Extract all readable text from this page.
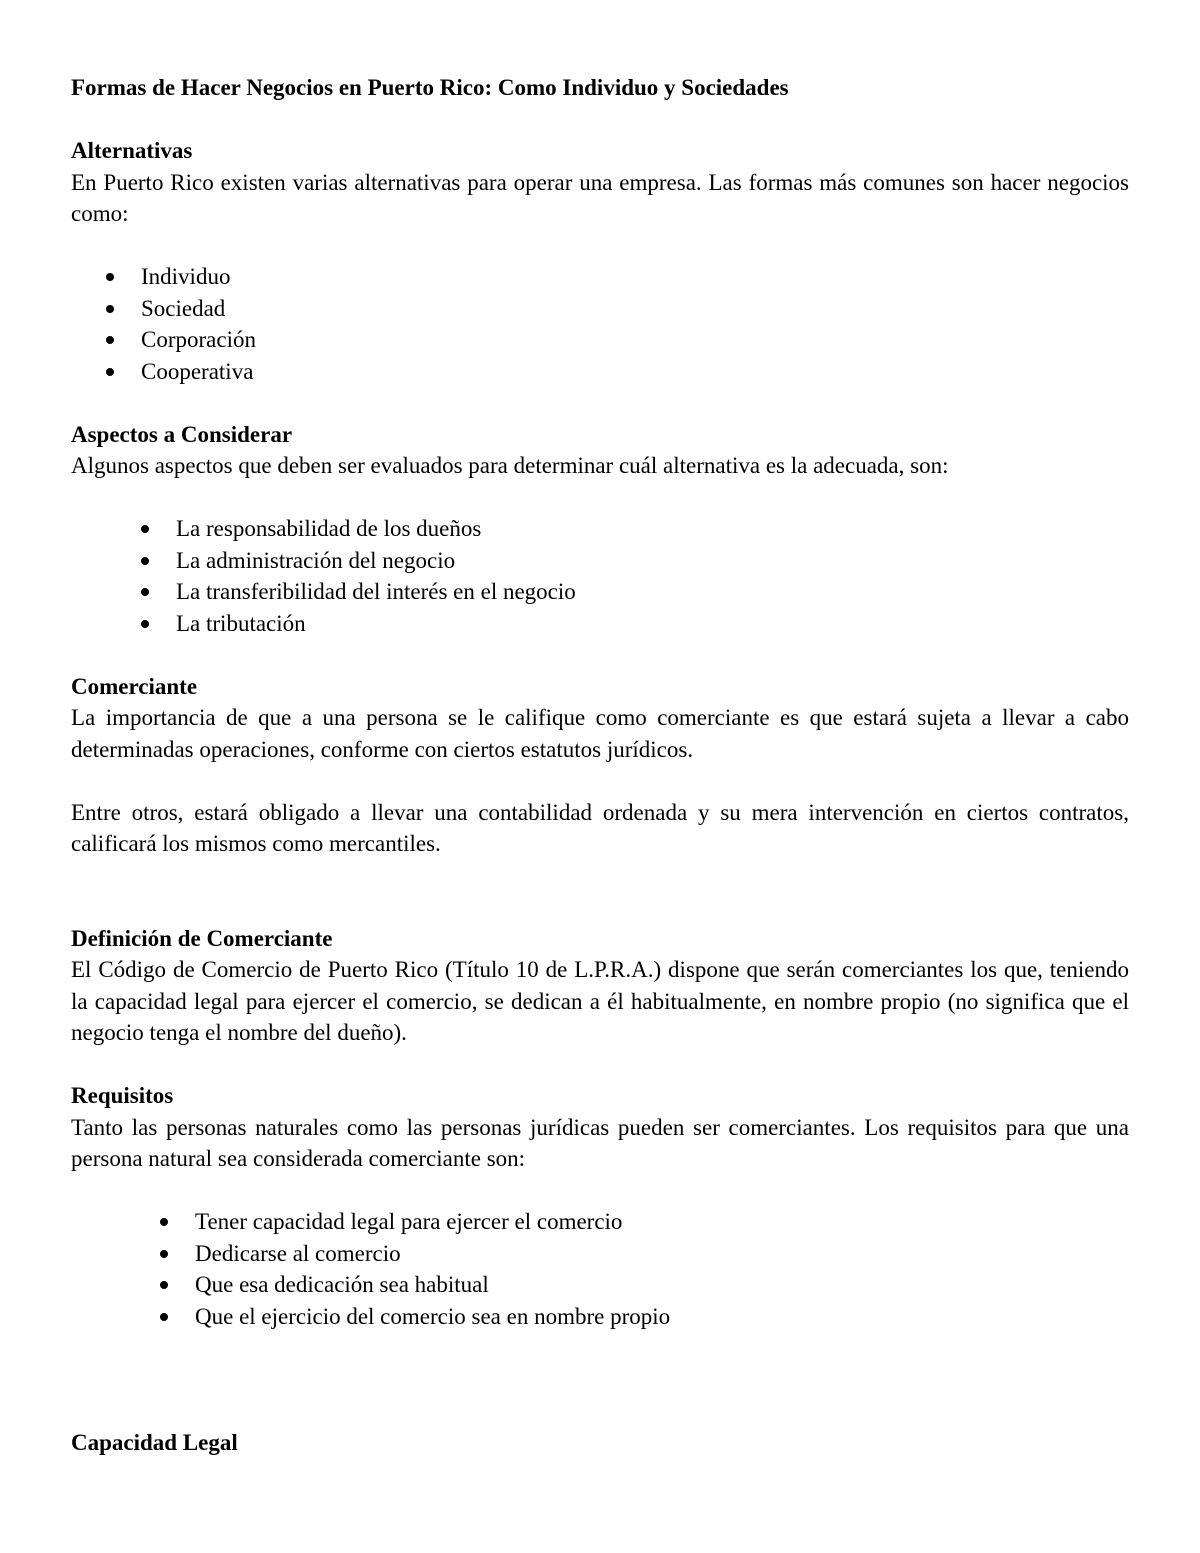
Formas de Hacer Negocios en Puerto Rico: Como Individuo y Sociedades

Alternativas

En Puerto Rico existen varias alternativas para operar una empresa. Las formas más comunes son hacer negocios como:

Individuo
Sociedad
Corporación
Cooperativa

Aspectos a Considerar

Algunos aspectos que deben ser evaluados para determinar cuál alternativa es la adecuada, son:

La responsabilidad de los dueños
La administración del negocio
La transferibilidad del interés en el negocio
La tributación

Comerciante

La importancia de que a una persona se le califique como comerciante es que estará sujeta a llevar a cabo determinadas operaciones, conforme con ciertos estatutos jurídicos.

Entre otros, estará obligado a llevar una contabilidad ordenada y su mera intervención en ciertos contratos, calificará los mismos como mercantiles.

Definición de Comerciante

El Código de Comercio de Puerto Rico (Título 10 de L.P.R.A.) dispone que serán comerciantes los que, teniendo la capacidad legal para ejercer el comercio, se dedican a él habitualmente, en nombre propio (no significa que el negocio tenga el nombre del dueño).

Requisitos

Tanto las personas naturales como las personas jurídicas pueden ser comerciantes. Los requisitos para que una persona natural sea considerada comerciante son:

Tener capacidad legal para ejercer el comercio
Dedicarse al comercio
Que esa dedicación sea habitual
Que el ejercicio del comercio sea en nombre propio

Capacidad Legal
